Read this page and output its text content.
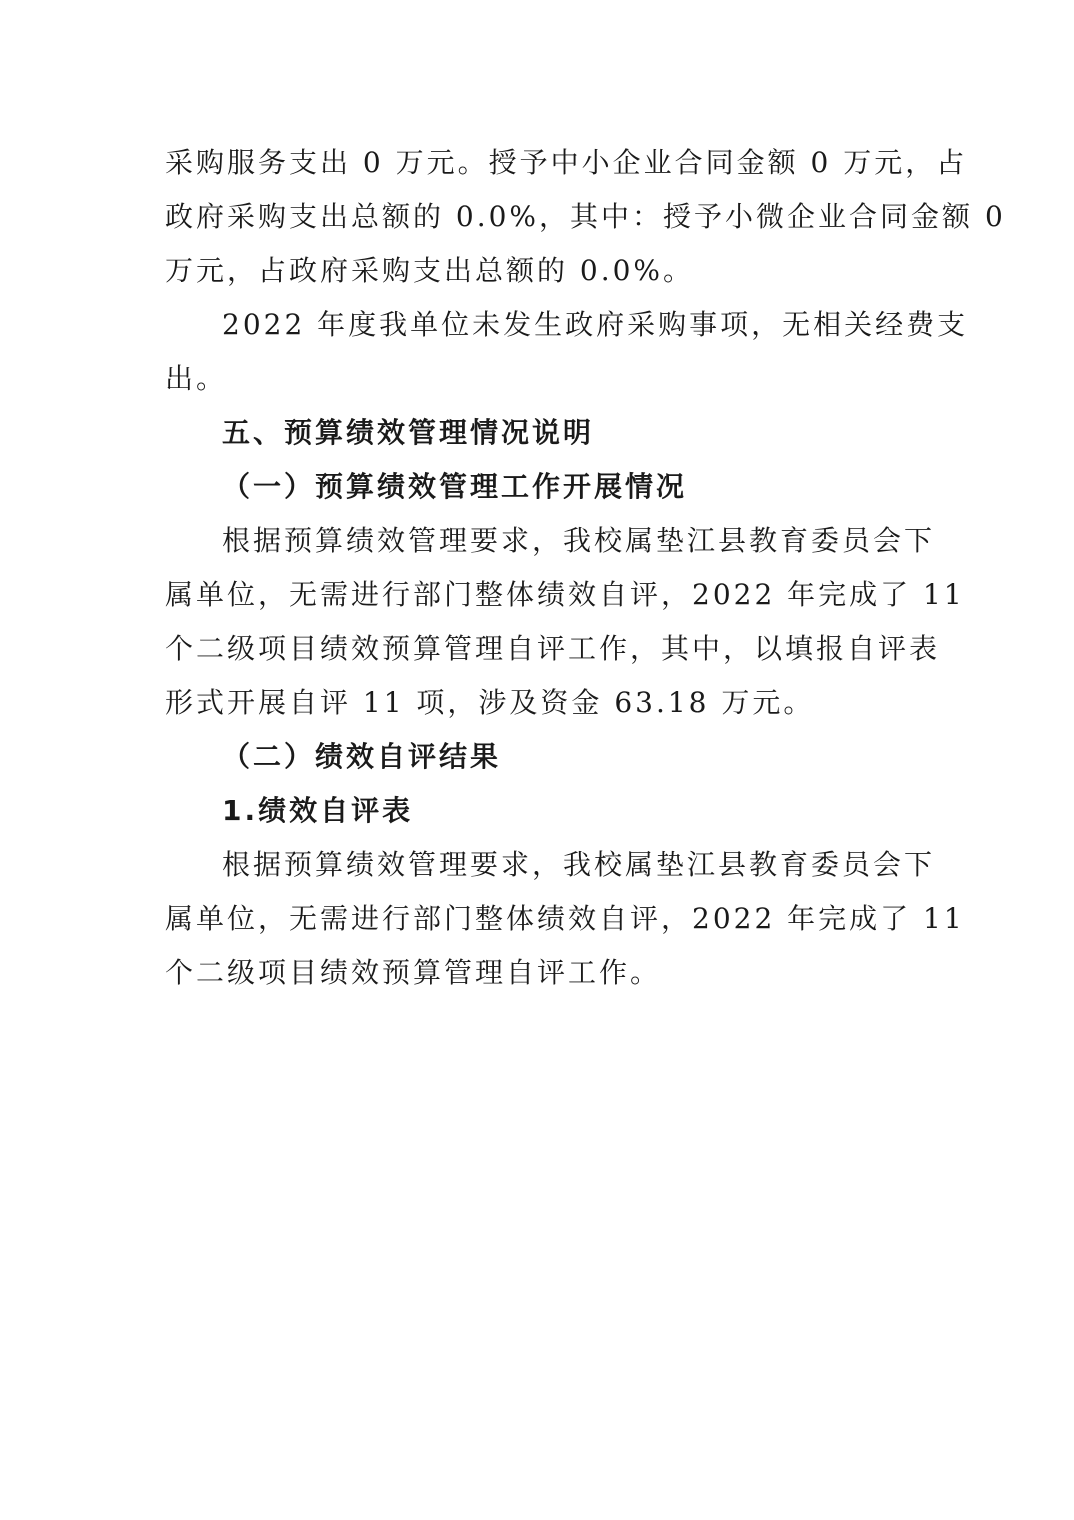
采购服务支出 0 万元。授予中小企业合同金额 0 万元，占
政府采购支出总额的 0.0%，其中：授予小微企业合同金额 0
万元，占政府采购支出总额的 0.0%。
2022 年度我单位未发生政府采购事项，无相关经费支
出。
五、预算绩效管理情况说明
（一）预算绩效管理工作开展情况
根据预算绩效管理要求，我校属垫江县教育委员会下
属单位，无需进行部门整体绩效自评，2022 年完成了 11
个二级项目绩效预算管理自评工作，其中，以填报自评表
形式开展自评 11 项，涉及资金 63.18 万元。
（二）绩效自评结果
1.绩效自评表
根据预算绩效管理要求，我校属垫江县教育委员会下
属单位，无需进行部门整体绩效自评，2022 年完成了 11
个二级项目绩效预算管理自评工作。
